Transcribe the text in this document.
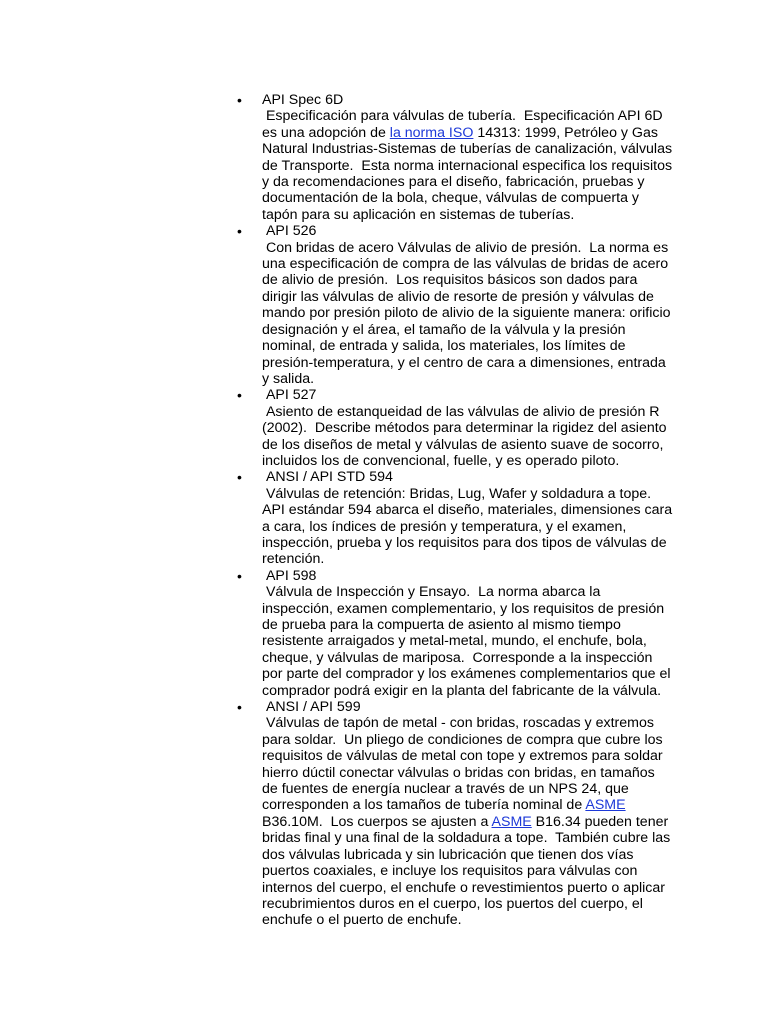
• API Spec 6D
Especificación para válvulas de tubería.  Especificación API 6D es una adopción de la norma ISO 14313: 1999, Petróleo y Gas Natural Industrias-Sistemas de tuberías de canalización, válvulas de Transporte.  Esta norma internacional especifica los requisitos y da recomendaciones para el diseño, fabricación, pruebas y documentación de la bola, cheque, válvulas de compuerta y tapón para su aplicación en sistemas de tuberías.
• API 526
Con bridas de acero Válvulas de alivio de presión.  La norma es una especificación de compra de las válvulas de bridas de acero de alivio de presión.  Los requisitos básicos son dados para dirigir las válvulas de alivio de resorte de presión y válvulas de mando por presión piloto de alivio de la siguiente manera: orificio designación y el área, el tamaño de la válvula y la presión nominal, de entrada y salida, los materiales, los límites de presión-temperatura, y el centro de cara a dimensiones, entrada y salida.
• API 527
Asiento de estanqueidad de las válvulas de alivio de presión R (2002).  Describe métodos para determinar la rigidez del asiento de los diseños de metal y válvulas de asiento suave de socorro, incluidos los de convencional, fuelle, y es operado piloto.
• ANSI / API STD 594
Válvulas de retención: Bridas, Lug, Wafer y soldadura a tope.  API estándar 594 abarca el diseño, materiales, dimensiones cara a cara, los índices de presión y temperatura, y el examen, inspección, prueba y los requisitos para dos tipos de válvulas de retención.
• API 598
Válvula de Inspección y Ensayo.  La norma abarca la inspección, examen complementario, y los requisitos de presión de prueba para la compuerta de asiento al mismo tiempo resistente arraigados y metal-metal, mundo, el enchufe, bola, cheque, y válvulas de mariposa.  Corresponde a la inspección por parte del comprador y los exámenes complementarios que el comprador podrá exigir en la planta del fabricante de la válvula.
• ANSI / API 599
Válvulas de tapón de metal - con bridas, roscadas y extremos para soldar.  Un pliego de condiciones de compra que cubre los requisitos de válvulas de metal con tope y extremos para soldar hierro dúctil conectar válvulas o bridas con bridas, en tamaños de fuentes de energía nuclear a través de un NPS 24, que corresponden a los tamaños de tubería nominal de ASME B36.10M.  Los cuerpos se ajusten a ASME B16.34 pueden tener bridas final y una final de la soldadura a tope.  También cubre las dos válvulas lubricada y sin lubricación que tienen dos vías puertos coaxiales, e incluye los requisitos para válvulas con internos del cuerpo, el enchufe o revestimientos puerto o aplicar recubrimientos duros en el cuerpo, los puertos del cuerpo, el enchufe o el puerto de enchufe.
